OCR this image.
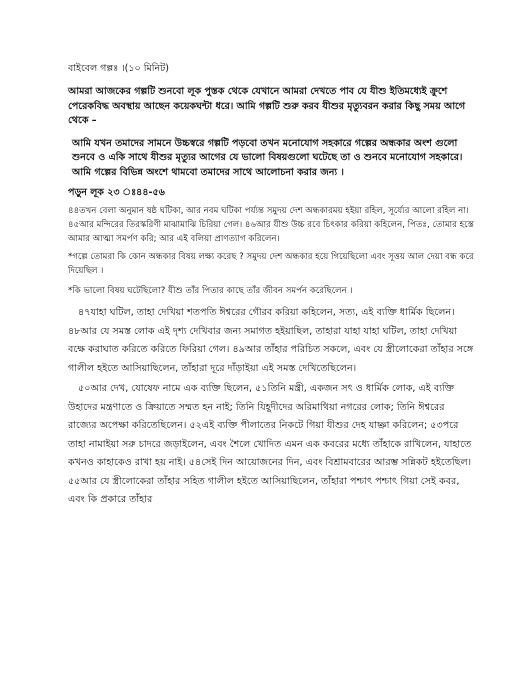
বাইবেল গল্পঃ ।(১০ মিনিট)

আমরা আজকের গল্পটি শুনবো লূক পুস্তক থেকে যেখানে আমরা দেখতে পাব যে যীশু ইতিমধ্যেই ক্রুশে পেরেকবিদ্ধ অবস্থায় আছেন কয়েকঘন্টা ধরে। আমি গল্পটি শুরু করব যীশুর মৃত্যুবরন করার কিছু সময় আগে থেকে –

আমি যখন তমাদের সামনে উচ্চস্বরে গল্পটি পড়বো তখন মনোযোগ সহকারে গল্পের অন্ধকার অংশ গুলো শুনবে ও একি সাথে যীশুর মৃত্যুর আগের যে ভালো বিষয়গুলো ঘটেছে তা ও শুনবে মনোযোগ সহকারে।আমি গল্পের বিভিন্ন অংশে থামবো তমাদের সাথে আলোচনা করার জন্য ।

পড়ুন লূক ২৩ ঃ৪৪-৫৬

৪৪তখন বেলা অনুমান ষষ্ঠ ঘটিকা, আর নবম ঘটিকা পর্য্যন্ত সমুদয় দেশ অন্ধকারময় হইয়া রহিল, সূর্য্যের আলো রহিল না। ৪৫আর মন্দিরের তিরস্করিণী মাঝামাঝি চিরিয়া গেল। ৪৬আর যীশু উচ্চ রবে চিৎকার করিয়া কহিলেন, পিতঃ, তোমার হস্তে আমার আত্মা সমর্পণ করি; আর এই বলিয়া প্রাণত্যাগ করিলেন।

*গল্পে তোমরা কি কোন অন্ধকার বিষয় লক্ষ্য করেছ ? সমুদয় দেশ অন্ধকার হয়ে গিয়েছিলো এবং সূত্তয় আল দেয়া বন্ধ করে দিয়েছিল ।

*কি ভালো বিষয় ঘটেছিলো? যীশু তাঁর পিতার কাছে তাঁর জীবন সমর্পন করেছিলেন ।

৪৭যাহা ঘটিল, তাহা দেখিয়া শতপতি ঈশ্বরের গৌরব করিয়া কহিলেন, সত্য, এই ব্যক্তি ধার্মিক ছিলেন। ৪৮আর যে সমস্ত লোক এই দৃশ্য দেখিবার জন্য সমাগত হইয়াছিল, তাহারা যাহা যাহা ঘটিল, তাহা দেখিয়া বক্ষে করাঘাত করিতে করিতে ফিরিয়া গেল। ৪৯আর তাঁহার পরিচিত সকলে, এবং যে স্ত্রীলোকেরা তাঁহার সঙ্গে গালীল হইতে আসিয়াছিলেন, তাঁহারা দূরে দাঁড়াইয়া এই সমস্ত দেখিতেছিলেন।

৫০আর দেখ, যোষেফ নামে এক ব্যক্তি ছিলেন, ৫১তিনি মন্ত্রী, একজন সৎ ও ধার্মিক লোক, এই ব্যক্তি উহাদের মন্ত্রণাতে ও ক্রিয়াতে সম্মত হন নাই; তিনি যিহূদীদের অরিমাথিয়া নগরের লোক; তিনি ঈশ্বরের রাজ্যের অপেক্ষা করিতেছিলেন। ৫২এই ব্যক্তি পীলাতের নিকটে গিয়া যীশুর দেহ যাচ্ঞা করিলেন; ৫৩পরে তাহা নামাইয়া সরু চাদরে জড়াইলেন, এবং শৈলে খোদিত এমন এক কবরের মধ্যে তাঁহাকে রাখিলেন, যাহাতে কখনও কাহাকেও রাখা হয় নাই। ৫৪সেই দিন আয়োজনের দিন, এবং বিশ্রামবারের আরম্ভ সন্নিকট হইতেছিল। ৫৫আর যে স্ত্রীলোকেরা তাঁহার সহিত গালীল হইতে আসিয়াছিলেন, তাঁহারা পশ্চাৎ পশ্চাৎ গিয়া সেই কবর, এবং কি প্রকারে তাঁহার
